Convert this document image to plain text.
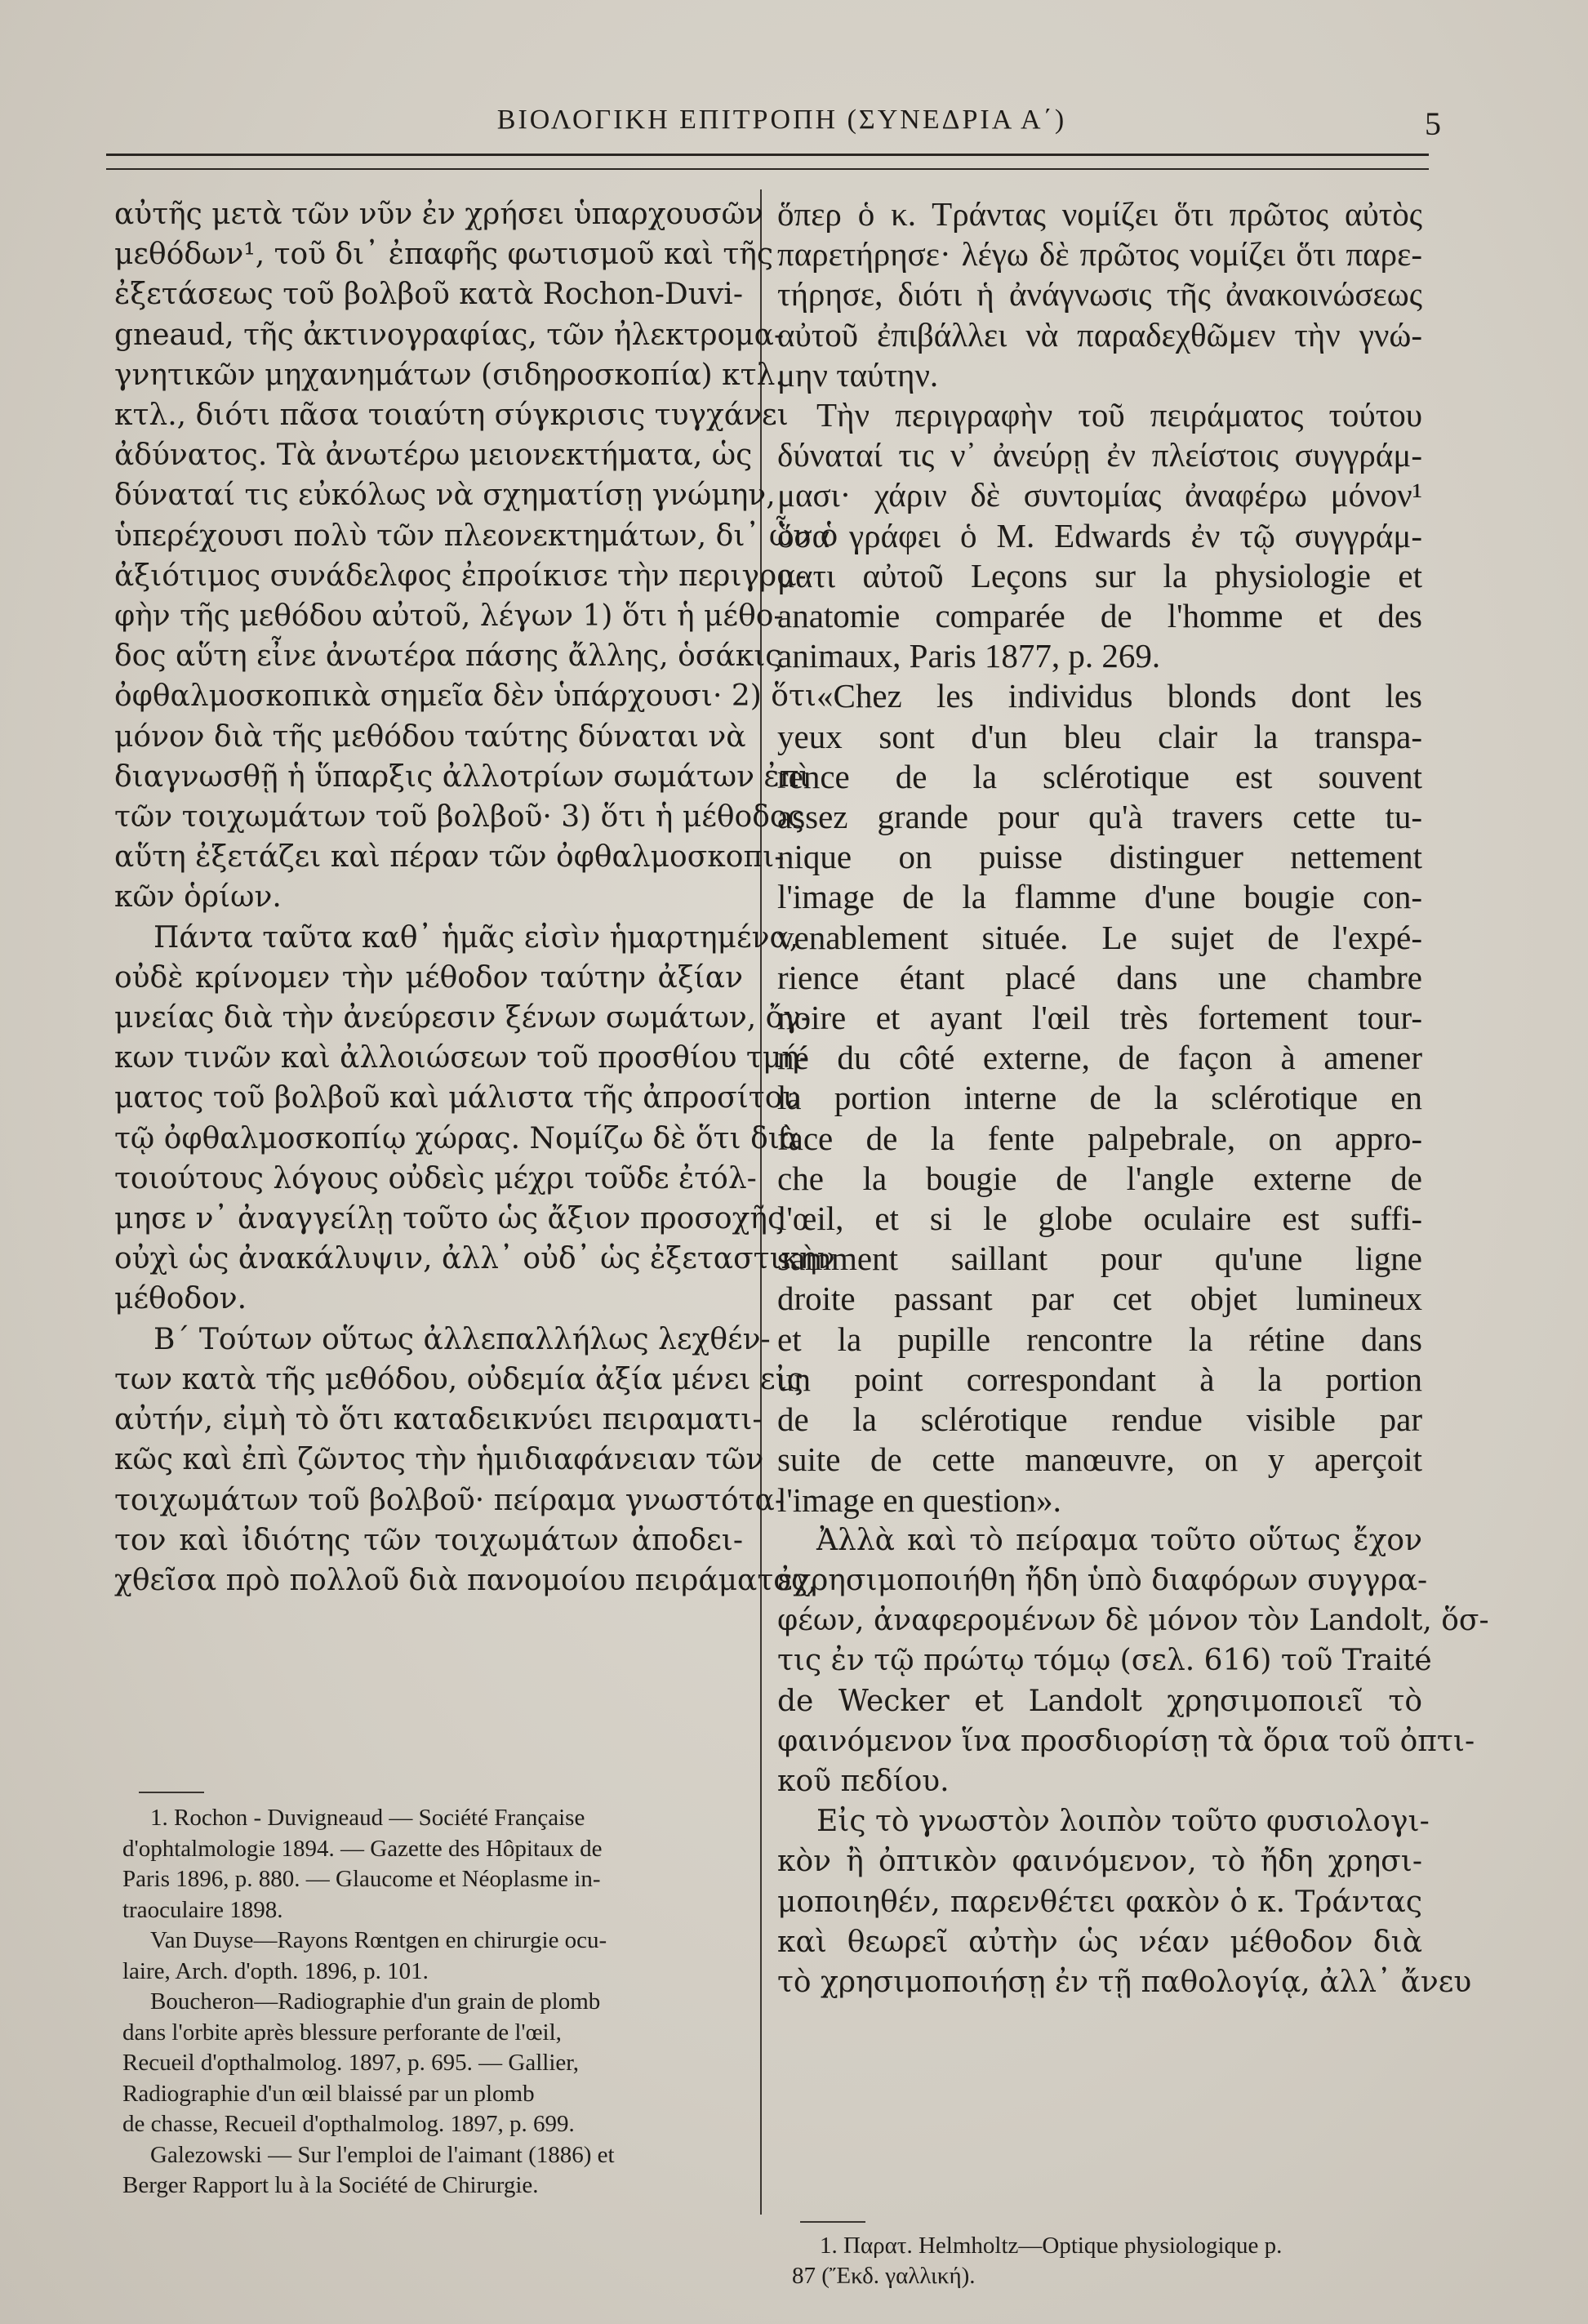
ΒΙΟΛΟΓΙΚΗ ΕΠΙΤΡΟΠΗ (ΣΥΝΕΔΡΙΑ Α΄)	5
αὐτῆς μετὰ τῶν νῦν ἐν χρήσει ὑπαρχουσῶν
μεθόδων¹, τοῦ δι᾽ ἐπαφῆς φωτισμοῦ καὶ τῆς
ἐξετάσεως τοῦ βολβοῦ κατὰ Rochon-Duvi-
gneaud, τῆς ἀκτινογραφίας, τῶν ἠλεκτρομα-
γνητικῶν μηχανημάτων (σιδηροσκοπία) κτλ.
κτλ., διότι πᾶσα τοιαύτη σύγκρισις τυγχάνει
ἀδύνατος. Τὰ ἀνωτέρω μειονεκτήματα, ὡς
δύναταί τις εὐκόλως νὰ σχηματίσῃ γνώμην,
ὑπερέχουσι πολὺ τῶν πλεονεκτημάτων, δι᾽ ὧν ὁ
ἀξιότιμος συνάδελφος ἐπροίκισε τὴν περιγρα-
φὴν τῆς μεθόδου αὐτοῦ, λέγων 1) ὅτι ἡ μέθο-
δος αὕτη εἶνε ἀνωτέρα πάσης ἄλλης, ὁσάκις
ὀφθαλμοσκοπικὰ σημεῖα δὲν ὑπάρχουσι· 2) ὅτι
μόνον διὰ τῆς μεθόδου ταύτης δύναται νὰ
διαγνωσθῇ ἡ ὕπαρξις ἀλλοτρίων σωμάτων ἐπὶ
τῶν τοιχωμάτων τοῦ βολβοῦ· 3) ὅτι ἡ μέθοδος
αὕτη ἐξετάζει καὶ πέραν τῶν ὀφθαλμοσκοπι-
κῶν ὁρίων.
Πάντα ταῦτα καθ᾽ ἡμᾶς εἰσὶν ἡμαρτημένα,
οὐδὲ κρίνομεν τὴν μέθοδον ταύτην ἀξίαν
μνείας διὰ τὴν ἀνεύρεσιν ξένων σωμάτων, ὄγ-
κων τινῶν καὶ ἀλλοιώσεων τοῦ προσθίου τμή-
ματος τοῦ βολβοῦ καὶ μάλιστα τῆς ἀπροσίτου
τῷ ὀφθαλμοσκοπίῳ χώρας. Νομίζω δὲ ὅτι διὰ
τοιούτους λόγους οὐδεὶς μέχρι τοῦδε ἐτόλ-
μησε ν᾽ ἀναγγείλῃ τοῦτο ὡς ἄξιον προσοχῆς
οὐχὶ ὡς ἀνακάλυψιν, ἀλλ᾽ οὐδ᾽ ὡς ἐξεταστικὴν
μέθοδον.
Β´ Τούτων οὕτως ἀλλεπαλλήλως λεχθέν-
των κατὰ τῆς μεθόδου, οὐδεμία ἀξία μένει εἰς
αὐτήν, εἰμὴ τὸ ὅτι καταδεικνύει πειραματι-
κῶς καὶ ἐπὶ ζῶντος τὴν ἡμιδιαφάνειαν τῶν
τοιχωμάτων τοῦ βολβοῦ· πείραμα γνωστότα-
τον καὶ ἰδιότης τῶν τοιχωμάτων ἀποδει-
χθεῖσα πρὸ πολλοῦ διὰ πανομοίου πειράματος,
1. Rochon - Duvigneaud — Société Française
d'ophtalmologie 1894. — Gazette des Hôpitaux de
Paris 1896, p. 880. — Glaucome et Néoplasme in-
traoculaire 1898.
Van Duyse—Rayons Rœntgen en chirurgie ocu-
laire, Arch. d'opth. 1896, p. 101.
Boucheron—Radiographie d'un grain de plomb
dans l'orbite après blessure perforante de l'œil,
Recueil d'opthalmolog. 1897, p. 695. — Gallier,
Radiographie d'un œil blaissé par un plomb
de chasse, Recueil d'opthalmolog. 1897, p. 699.
Galezowski — Sur l'emploi de l'aimant (1886) et
Berger Rapport lu à la Société de Chirurgie.
ὅπερ ὁ κ. Τράντας νομίζει ὅτι πρῶτος αὐτὸς
παρετήρησε· λέγω δὲ πρῶτος νομίζει ὅτι παρε-
τήρησε, διότι ἡ ἀνάγνωσις τῆς ἀνακοινώσεως
αὐτοῦ ἐπιβάλλει νὰ παραδεχθῶμεν τὴν γνώ-
μην ταύτην.
Τὴν περιγραφὴν τοῦ πειράματος τούτου
δύναταί τις ν᾽ ἀνεύρῃ ἐν πλείστοις συγγράμ-
μασι· χάριν δὲ συντομίας ἀναφέρω μόνον¹
ὅσα γράφει ὁ M. Edwards ἐν τῷ συγγράμ-
ματι αὐτοῦ Leçons sur la physiologie et
anatomie comparée de l'homme et des
animaux, Paris 1877, p. 269.
«Chez les individus blonds dont les
yeux sont d'un bleu clair la transpa-
rence de la sclérotique est souvent
assez grande pour qu'à travers cette tu-
nique on puisse distinguer nettement
l'image de la flamme d'une bougie con-
venablement située. Le sujet de l'expé-
rience étant placé dans une chambre
noire et ayant l'œil très fortement tour-
né du côté externe, de façon à amener
la portion interne de la sclérotique en
face de la fente palpebrale, on appro-
che la bougie de l'angle externe de
l'œil, et si le globe oculaire est suffi-
samment saillant pour qu'une ligne
droite passant par cet objet lumineux
et la pupille rencontre la rétine dans
un point correspondant à la portion
de la sclérotique rendue visible par
suite de cette manœuvre, on y aperçoit
l'image en question».
Ἀλλὰ καὶ τὸ πείραμα τοῦτο οὕτως ἔχον
ἐχρησιμοποιήθη ἤδη ὑπὸ διαφόρων συγγρα-
φέων, ἀναφερομένων δὲ μόνον τὸν Landolt, ὅσ-
τις ἐν τῷ πρώτῳ τόμῳ (σελ. 616) τοῦ Traité
de Wecker et Landolt χρησιμοποιεῖ τὸ
φαινόμενον ἵνα προσδιορίσῃ τὰ ὅρια τοῦ ὀπτι-
κοῦ πεδίου.
Εἰς τὸ γνωστὸν λοιπὸν τοῦτο φυσιολογι-
κὸν ἢ ὀπτικὸν φαινόμενον, τὸ ἤδη χρησι-
μοποιηθέν, παρενθέτει φακὸν ὁ κ. Τράντας
καὶ θεωρεῖ αὐτὴν ὡς νέαν μέθοδον διὰ
τὸ χρησιμοποιήσῃ ἐν τῇ παθολογίᾳ, ἀλλ᾽ ἄνευ
1. Παρατ. Helmholtz—Optique physiologique p.
87 (Ἔκδ. γαλλική).
